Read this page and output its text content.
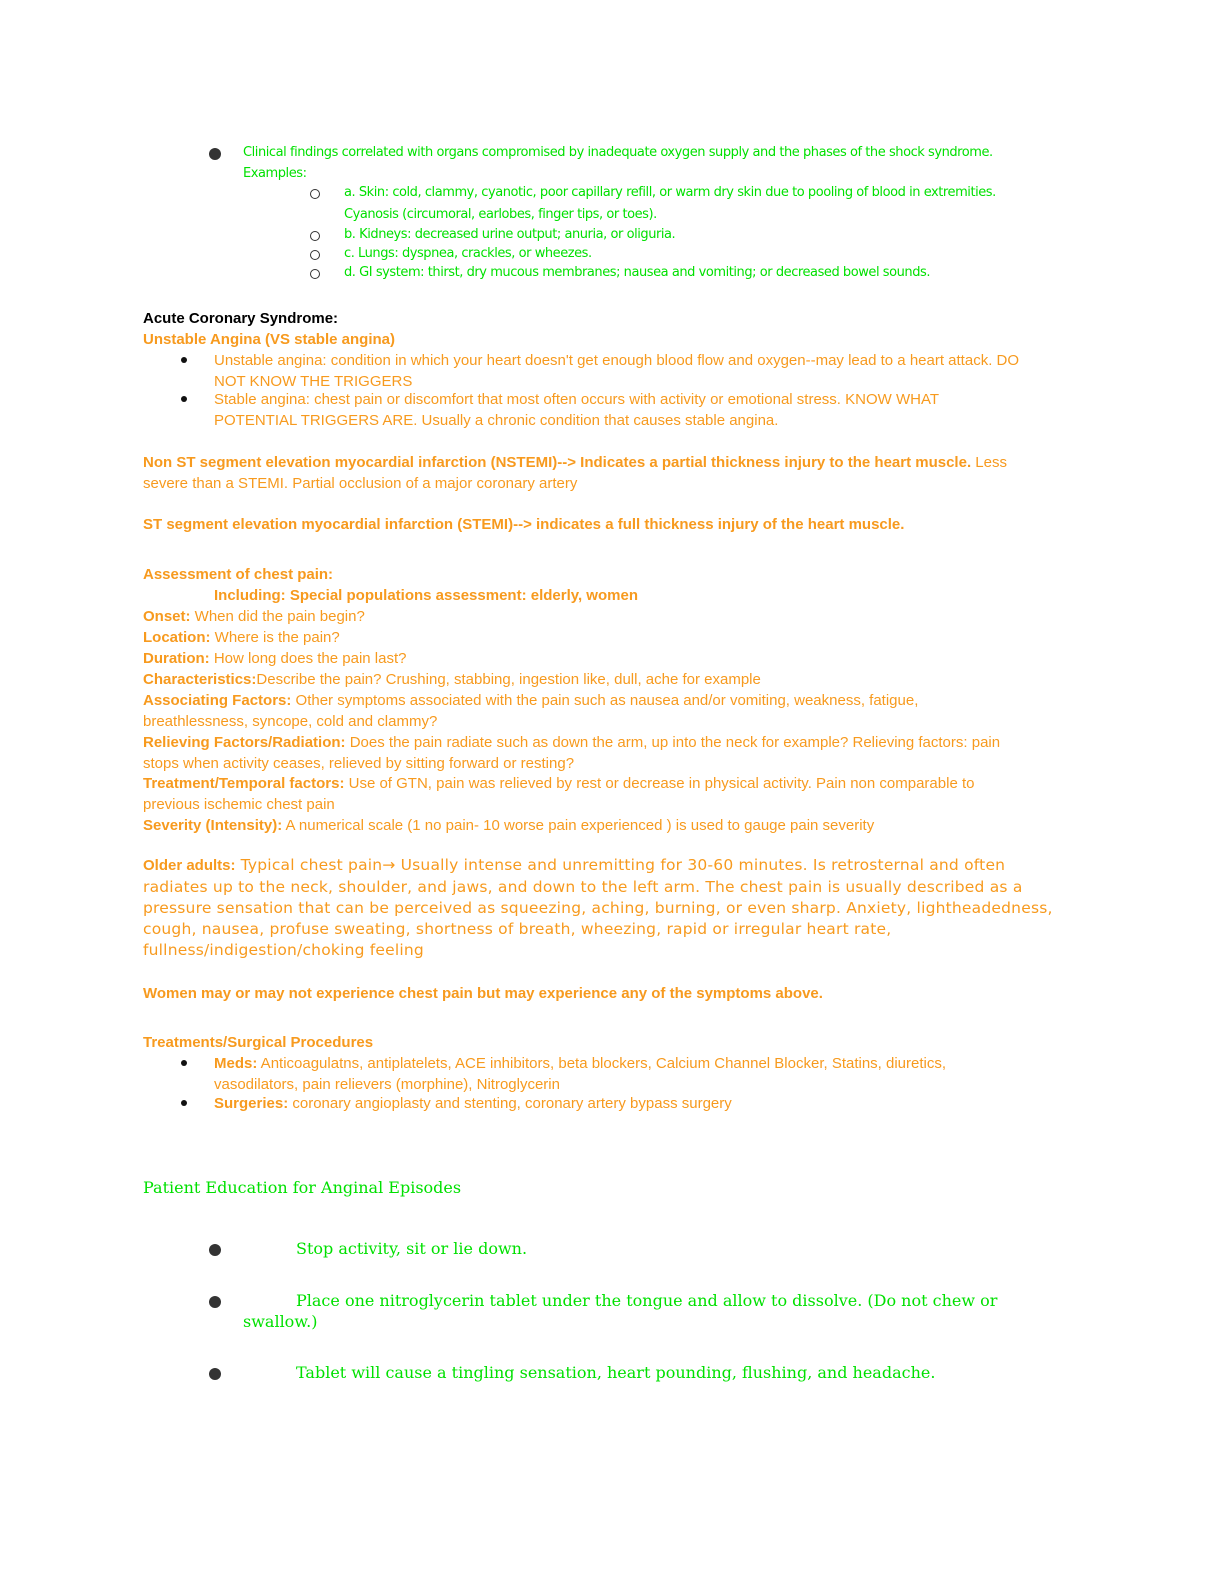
Clinical findings correlated with organs compromised by inadequate oxygen supply and the phases of the shock syndrome.
Examples:
a. Skin: cold, clammy, cyanotic, poor capillary refill, or warm dry skin due to pooling of blood in extremities.
Cyanosis (circumoral, earlobes, finger tips, or toes).
b. Kidneys: decreased urine output; anuria, or oliguria.
c. Lungs: dyspnea, crackles, or wheezes.
d. GI system: thirst, dry mucous membranes; nausea and vomiting; or decreased bowel sounds.
Acute Coronary Syndrome:
Unstable Angina (VS stable angina)
Unstable angina: condition in which your heart doesn't get enough blood flow and oxygen--may lead to a heart attack. DO
NOT KNOW THE TRIGGERS
Stable angina: chest pain or discomfort that most often occurs with activity or emotional stress. KNOW WHAT
POTENTIAL TRIGGERS ARE. Usually a chronic condition that causes stable angina.
Non ST segment elevation myocardial infarction (NSTEMI)--> Indicates a partial thickness injury to the heart muscle. Less
severe than a STEMI. Partial occlusion of a major coronary artery
ST segment elevation myocardial infarction (STEMI)--> indicates a full thickness injury of the heart muscle.
Assessment of chest pain:
Including: Special populations assessment: elderly, women
Onset: When did the pain begin?
Location: Where is the pain?
Duration: How long does the pain last?
Characteristics:Describe the pain? Crushing, stabbing, ingestion like, dull, ache for example
Associating Factors: Other symptoms associated with the pain such as nausea and/or vomiting, weakness, fatigue,
breathlessness, syncope, cold and clammy?
Relieving Factors/Radiation: Does the pain radiate such as down the arm, up into the neck for example? Relieving factors: pain
stops when activity ceases, relieved by sitting forward or resting?
Treatment/Temporal factors: Use of GTN, pain was relieved by rest or decrease in physical activity. Pain non comparable to
previous ischemic chest pain
Severity (Intensity): A numerical scale (1 no pain- 10 worse pain experienced ) is used to gauge pain severity
Older adults: Typical chest pain→ Usually intense and unremitting for 30-60 minutes. Is retrosternal and often
radiates up to the neck, shoulder, and jaws, and down to the left arm. The chest pain is usually described as a
pressure sensation that can be perceived as squeezing, aching, burning, or even sharp. Anxiety, lightheadedness,
cough, nausea, profuse sweating, shortness of breath, wheezing, rapid or irregular heart rate,
fullness/indigestion/choking feeling
Women may or may not experience chest pain but may experience any of the symptoms above.
Treatments/Surgical Procedures
Meds: Anticoagulatns, antiplatelets, ACE inhibitors, beta blockers, Calcium Channel Blocker, Statins, diuretics,
vasodilators, pain relievers (morphine), Nitroglycerin
Surgeries: coronary angioplasty and stenting, coronary artery bypass surgery
Patient Education for Anginal Episodes
Stop activity, sit or lie down.
Place one nitroglycerin tablet under the tongue and allow to dissolve. (Do not chew or
swallow.)
Tablet will cause a tingling sensation, heart pounding, flushing, and headache.
